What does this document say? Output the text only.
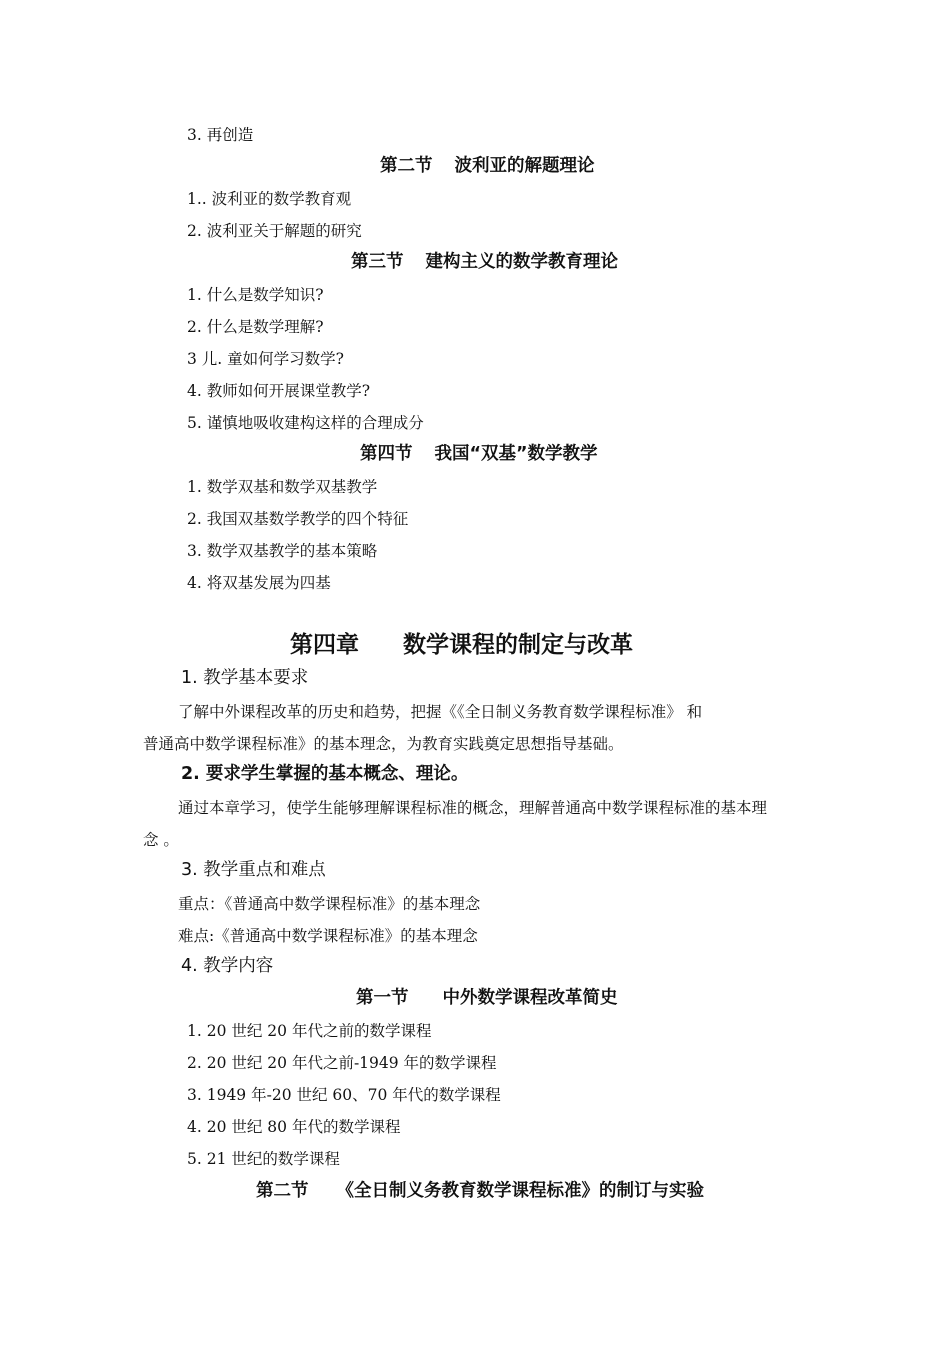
3. 再创造
第二节 波利亚的解题理论
1.. 波利亚的数学教育观
2. 波利亚关于解题的研究
第三节 建构主义的数学教育理论
1. 什么是数学知识?
2. 什么是数学理解?
3 儿. 童如何学习数学?
4. 教师如何开展课堂教学?
5. 谨慎地吸收建构这样的合理成分
第四节 我国“双基”数学教学
1. 数学双基和数学双基教学
2. 我国双基数学教学的四个特征
3. 数学双基教学的基本策略
4. 将双基发展为四基
第四章 数学课程的制定与改革
1. 教学基本要求
了解中外课程改革的历史和趋势，把握《《全日制义务教育数学课程标准》 和
普通高中数学课程标准》的基本理念，为教育实践奠定思想指导基础。
2. 要求学生掌握的基本概念、理论。
通过本章学习，使学生能够理解课程标准的概念，理解普通高中数学课程标准的基本理
念 。
3. 教学重点和难点
重点：《普通高中数学课程标准》的基本理念
难点:《普通高中数学课程标准》的基本理念
4. 教学内容
第一节 中外数学课程改革简史
1. 20 世纪 20 年代之前的数学课程
2. 20 世纪 20 年代之前-1949 年的数学课程
3. 1949 年-20 世纪 60、70 年代的数学课程
4. 20 世纪 80 年代的数学课程
5. 21 世纪的数学课程
第二节 《全日制义务教育数学课程标准》的制订与实验
